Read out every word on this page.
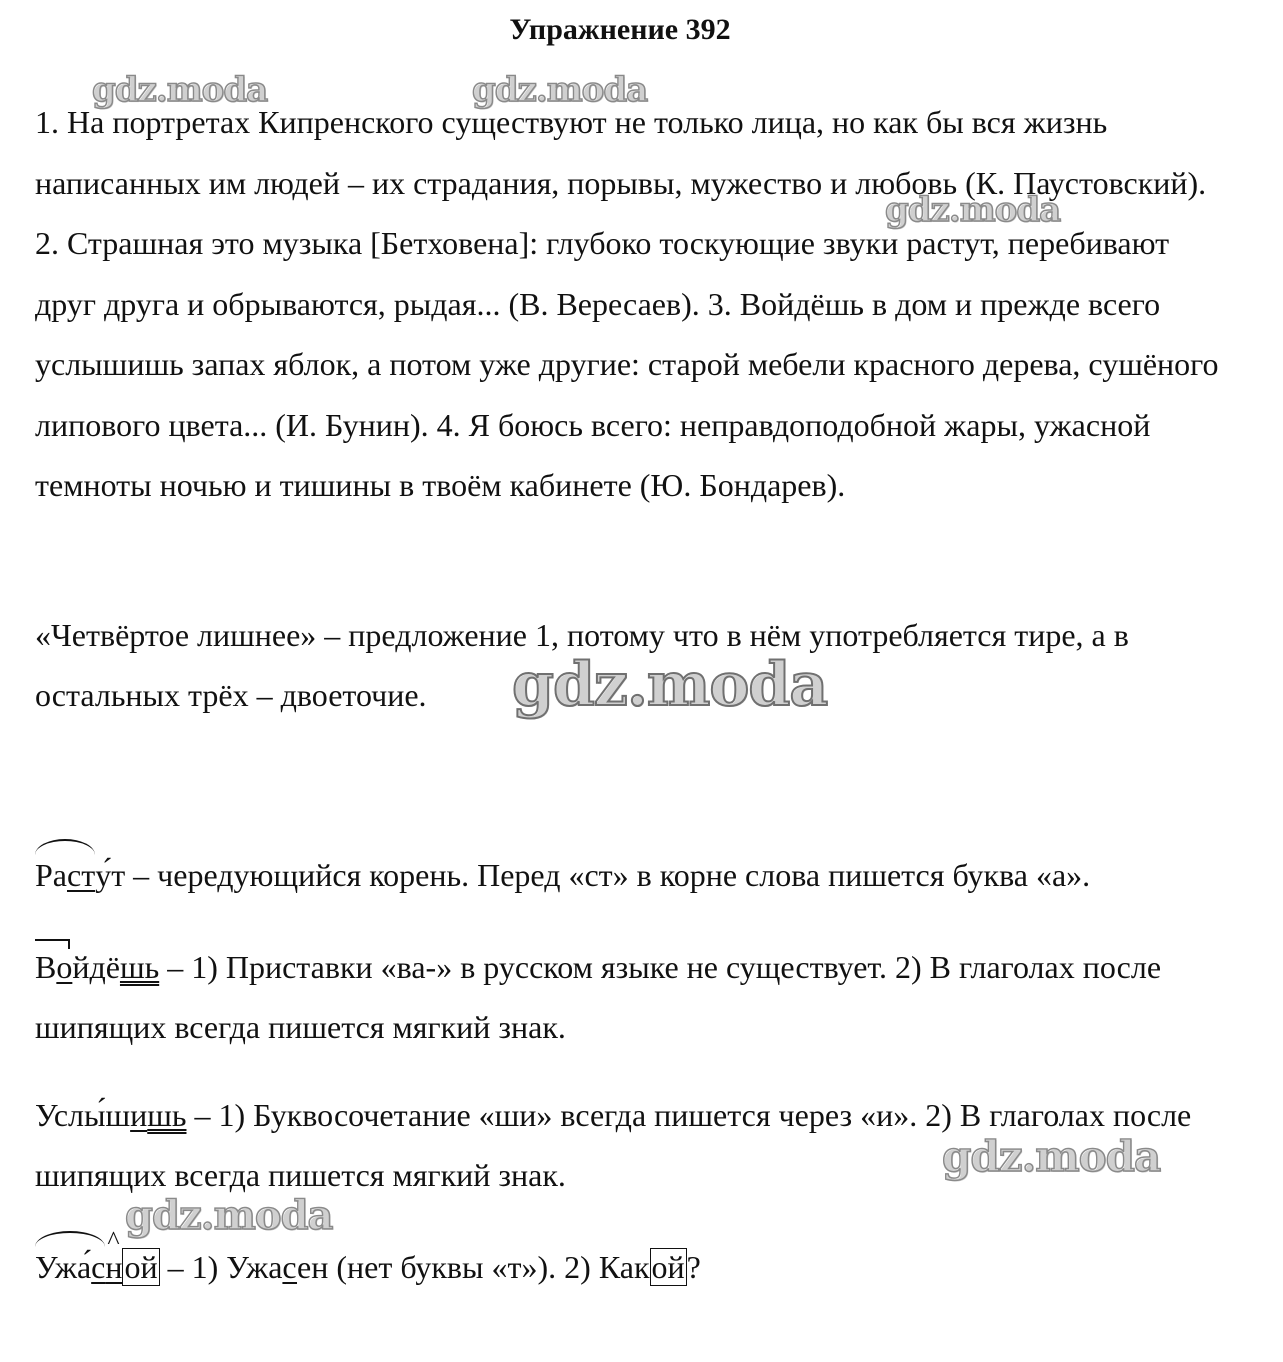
Упражнение 392
1. На портретах Кипренского существуют не только лица, но как бы вся жизнь написанных им людей – их страдания, порывы, мужество и любовь (К. Паустовский). 2. Страшная это музыка [Бетховена]: глубоко тоскующие звуки растут, перебивают друг друга и обрываются, рыдая... (В. Вересаев). 3. Войдёшь в дом и прежде всего услышишь запах яблок, а потом уже другие: старой мебели красного дерева, сушёного липового цвета... (И. Бунин). 4. Я боюсь всего: неправдоподобной жары, ужасной темноты ночью и тишины в твоём кабинете (Ю. Бондарев).
«Четвёртое лишнее» – предложение 1, потому что в нём употребляется тире, а в остальных трёх – двоеточие.
Расту́т – чередующийся корень. Перед «ст» в корне слова пишется буква «а».
Войдёшь – 1) Приставки «ва-» в русском языке не существует. 2) В глаголах после шипящих всегда пишется мягкий знак.
Услы́шишь – 1) Буквосочетание «ши» всегда пишется через «и». 2) В глаголах после шипящих всегда пишется мягкий знак.
Ужа́с^ ной – 1) Ужасен (нет буквы «т»). 2) Какой?
gdz.moda	gdz.moda
gdz.moda
gdz.moda
gdz.moda
gdz.moda
